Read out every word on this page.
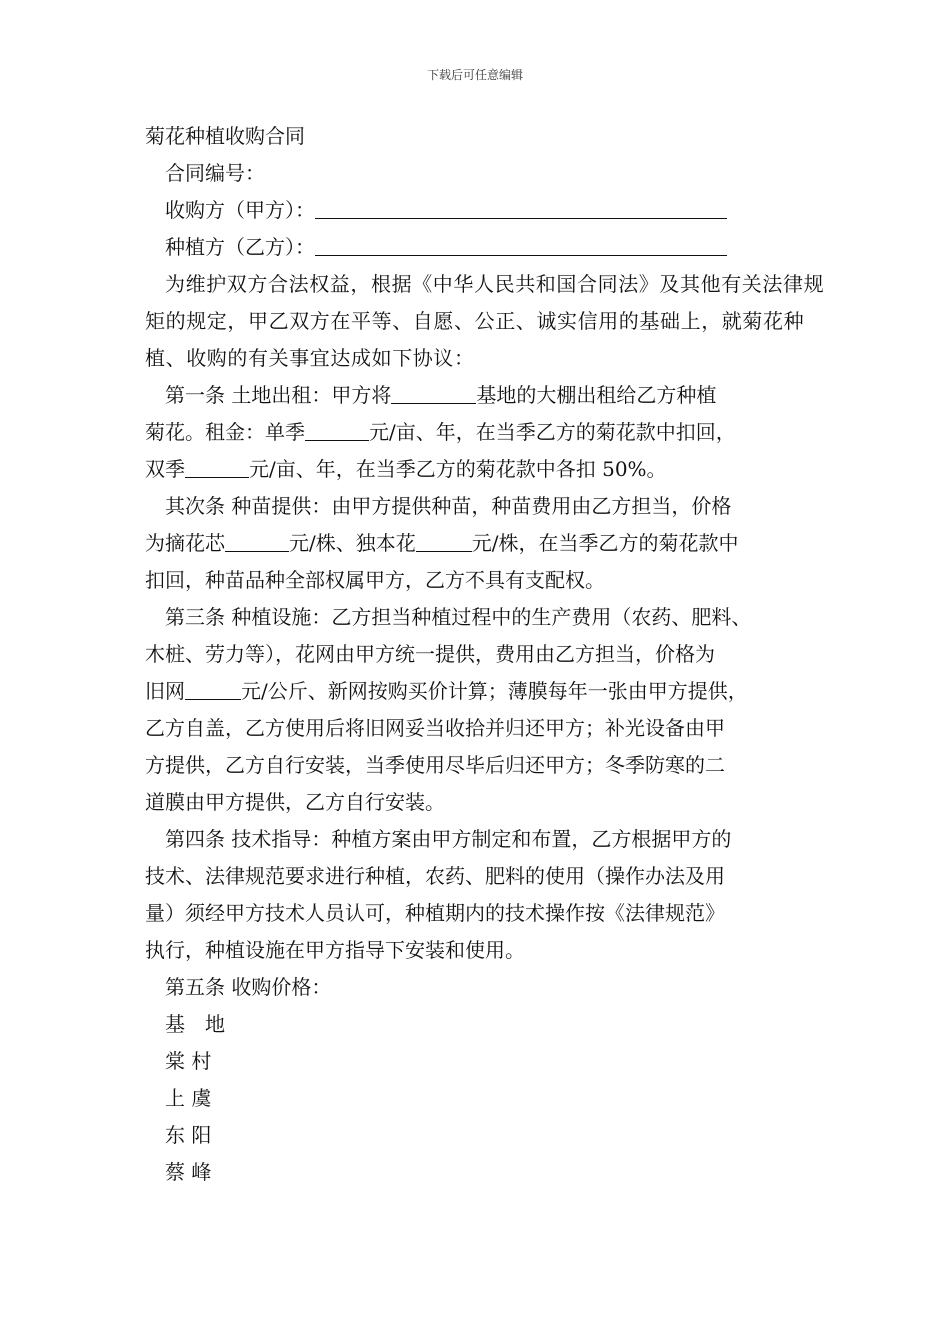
下载后可任意编辑
菊花种植收购合同
合同编号：
收购方（甲方）：
种植方（乙方）：
为维护双方合法权益，根据《中华人民共和国合同法》及其他有关法律规矩的规定，甲乙双方在平等、自愿、公正、诚实信用的基础上，就菊花种植、收购的有关事宜达成如下协议：
第一条 土地出租：甲方将	基地的大棚出租给乙方种植
菊花。租金：单季	元/亩、年，在当季乙方的菊花款中扣回，
双季	元/亩、年，在当季乙方的菊花款中各扣 50%。
其次条 种苗提供：由甲方提供种苗，种苗费用由乙方担当，价格
为摘花芯	元/株、独本花	元/株，在当季乙方的菊花款中
扣回，种苗品种全部权属甲方，乙方不具有支配权。
第三条 种植设施：乙方担当种植过程中的生产费用（农药、肥料、
木桩、劳力等），花网由甲方统一提供，费用由乙方担当，价格为
旧网	元/公斤、新网按购买价计算；薄膜每年一张由甲方提供，
乙方自盖，乙方使用后将旧网妥当收拾并归还甲方；补光设备由甲
方提供，乙方自行安装，当季使用尽毕后归还甲方；冬季防寒的二
道膜由甲方提供，乙方自行安装。
第四条 技术指导：种植方案由甲方制定和布置，乙方根据甲方的
技术、法律规范要求进行种植，农药、肥料的使用（操作办法及用
量）须经甲方技术人员认可，种植期内的技术操作按《法律规范》
执行，种植设施在甲方指导下安装和使用。
第五条 收购价格：
基　地
棠 村
上 虞
东 阳
蔡 峰
